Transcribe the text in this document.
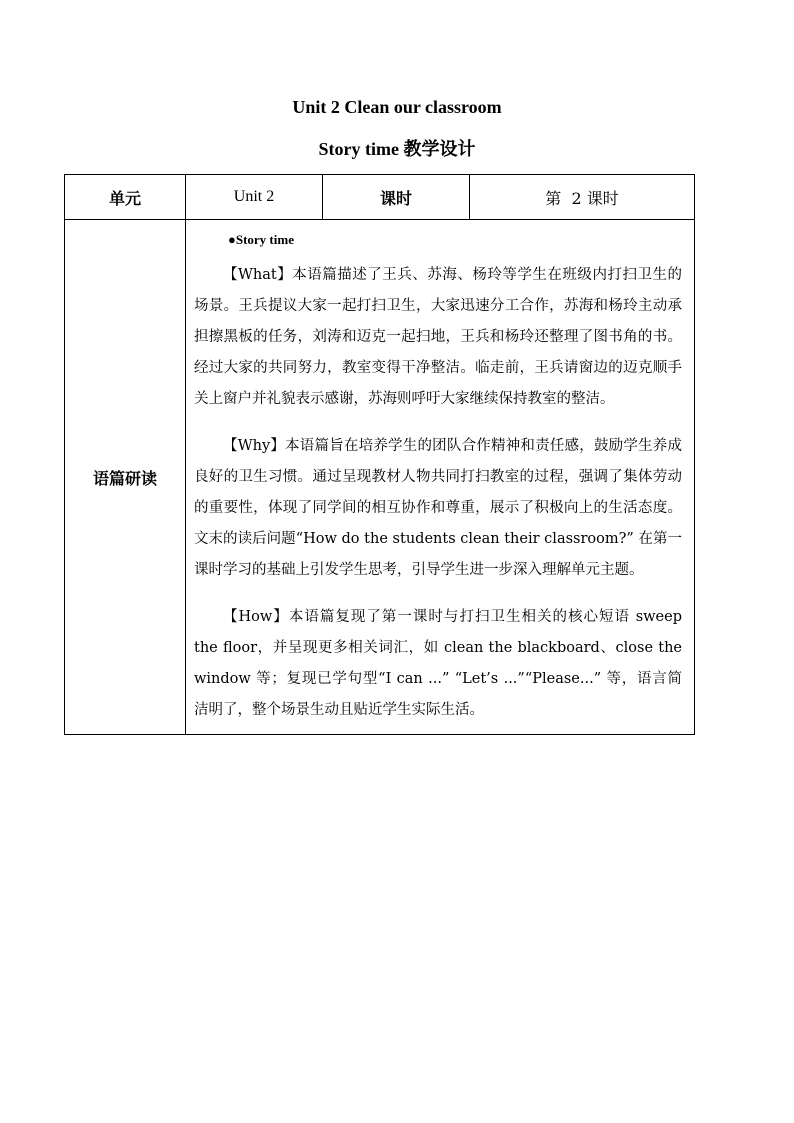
Unit 2 Clean our classroom
Story time 教学设计
单元	Unit 2	课时	第  2 课时
语篇研读	●Story time

【What】本语篇描述了王兵、苏海、杨玲等学生在班级内打扫卫生的场景。王兵提议大家一起打扫卫生，大家迅速分工合作，苏海和杨玲主动承担擦黑板的任务，刘涛和迈克一起扫地，王兵和杨玲还整理了图书角的书。经过大家的共同努力，教室变得干净整洁。临走前，王兵请窗边的迈克顺手关上窗户并礼貌表示感谢，苏海则呼吁大家继续保持教室的整洁。

【Why】本语篇旨在培养学生的团队合作精神和责任感，鼓励学生养成良好的卫生习惯。通过呈现教材人物共同打扫教室的过程，强调了集体劳动的重要性，体现了同学间的相互协作和尊重，展示了积极向上的生活态度。文末的读后问题“How do the students clean their classroom?” 在第一课时学习的基础上引发学生思考，引导学生进一步深入理解单元主题。

【How】本语篇复现了第一课时与打扫卫生相关的核心短语 sweep the floor，并呈现更多相关词汇，如 clean the blackboard、close the window 等；复现已学句型“I can ...” “Let’s ...”“Please...” 等，语言简洁明了，整个场景生动且贴近学生实际生活。		
